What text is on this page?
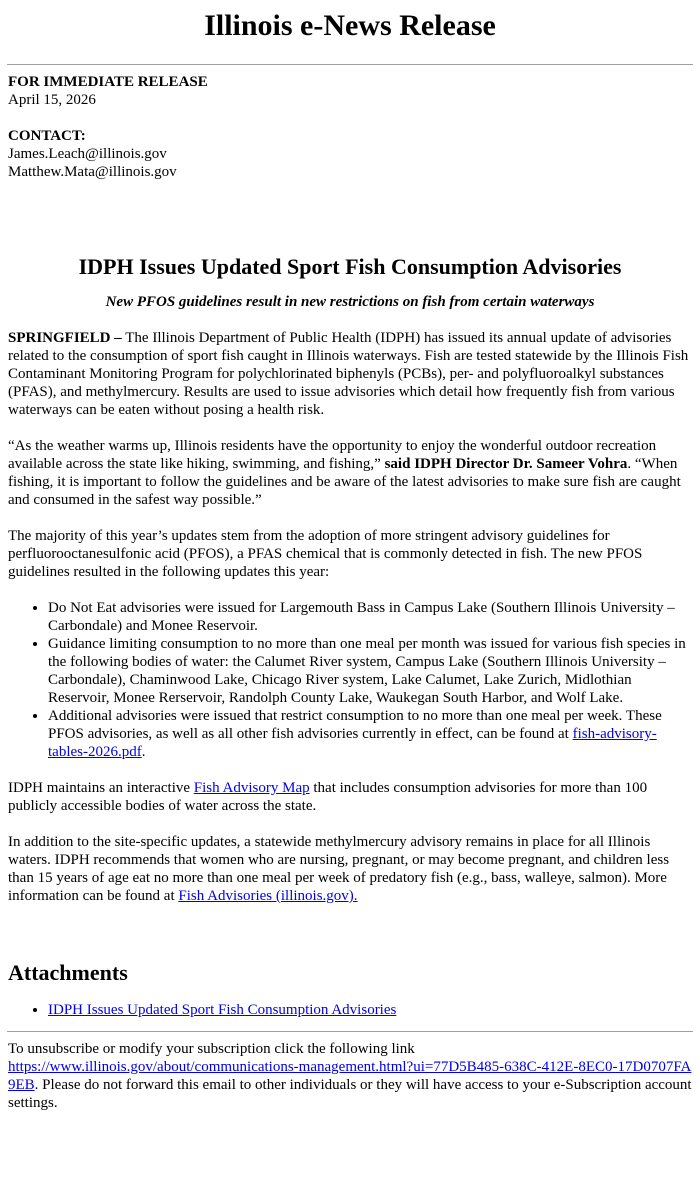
Illinois e-News Release

FOR IMMEDIATE RELEASE

April 15, 2026

CONTACT:

James.Leach@illinois.gov

Matthew.Mata@illinois.gov

IDPH Issues Updated Sport Fish Consumption Advisories

New PFOS guidelines result in new restrictions on fish from certain waterways

SPRINGFIELD – The Illinois Department of Public Health (IDPH) has issued its annual update of advisories related to the consumption of sport fish caught in Illinois waterways. Fish are tested statewide by the Illinois Fish Contaminant Monitoring Program for polychlorinated biphenyls (PCBs), per- and polyfluoroalkyl substances (PFAS), and methylmercury. Results are used to issue advisories which detail how frequently fish from various waterways can be eaten without posing a health risk.

“As the weather warms up, Illinois residents have the opportunity to enjoy the wonderful outdoor recreation available across the state like hiking, swimming, and fishing,” said IDPH Director Dr. Sameer Vohra. “When fishing, it is important to follow the guidelines and be aware of the latest advisories to make sure fish are caught and consumed in the safest way possible.”

The majority of this year’s updates stem from the adoption of more stringent advisory guidelines for perfluorooctanesulfonic acid (PFOS), a PFAS chemical that is commonly detected in fish. The new PFOS guidelines resulted in the following updates this year:

• Do Not Eat advisories were issued for Largemouth Bass in Campus Lake (Southern Illinois University – Carbondale) and Monee Reservoir.
• Guidance limiting consumption to no more than one meal per month was issued for various fish species in the following bodies of water: the Calumet River system, Campus Lake (Southern Illinois University – Carbondale), Chaminwood Lake, Chicago River system, Lake Calumet, Lake Zurich, Midlothian Reservoir, Monee Rerservoir, Randolph County Lake, Waukegan South Harbor, and Wolf Lake.
• Additional advisories were issued that restrict consumption to no more than one meal per week. These PFOS advisories, as well as all other fish advisories currently in effect, can be found at fish-advisory-tables-2026.pdf.

IDPH maintains an interactive Fish Advisory Map that includes consumption advisories for more than 100 publicly accessible bodies of water across the state.

In addition to the site-specific updates, a statewide methylmercury advisory remains in place for all Illinois waters. IDPH recommends that women who are nursing, pregnant, or may become pregnant, and children less than 15 years of age eat no more than one meal per week of predatory fish (e.g., bass, walleye, salmon). More information can be found at Fish Advisories (illinois.gov).

Attachments
• IDPH Issues Updated Sport Fish Consumption Advisories

To unsubscribe or modify your subscription click the following link

https://www.illinois.gov/about/communications-management.html?ui=77D5B485-638C-412E-8EC0-17D0707FA9EB. Please do not forward this email to other individuals or they will have access to your e-Subscription account settings.
